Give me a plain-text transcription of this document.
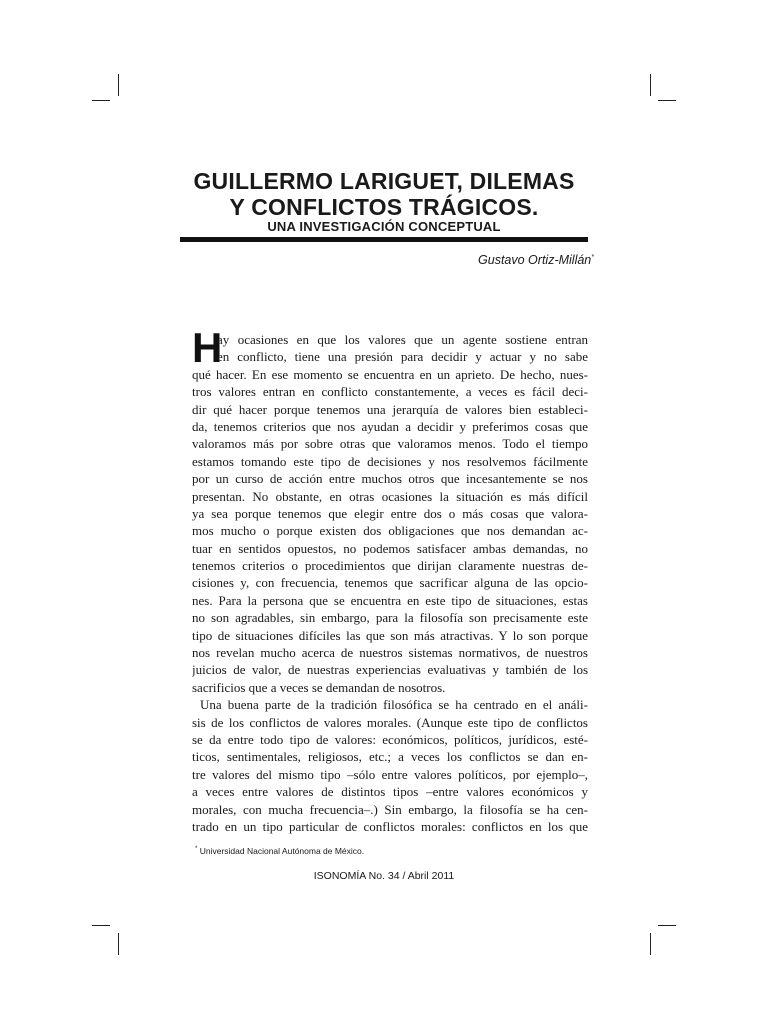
GUILLERMO LARIGUET, DILEMAS
Y CONFLICTOS TRÁGICOS.
UNA INVESTIGACIÓN CONCEPTUAL
Gustavo Ortiz-Millán*
H
ay ocasiones en que los valores que un agente sostiene entran
en conflicto, tiene una presión para decidir y actuar y no sabe
qué hacer. En ese momento se encuentra en un aprieto. De hecho, nues-
tros valores entran en conflicto constantemente, a veces es fácil deci-
dir qué hacer porque tenemos una jerarquía de valores bien estableci-
da, tenemos criterios que nos ayudan a decidir y preferimos cosas que
valoramos más por sobre otras que valoramos menos. Todo el tiempo
estamos tomando este tipo de decisiones y nos resolvemos fácilmente
por un curso de acción entre muchos otros que incesantemente se nos
presentan. No obstante, en otras ocasiones la situación es más difícil
ya sea porque tenemos que elegir entre dos o más cosas que valora-
mos mucho o porque existen dos obligaciones que nos demandan ac-
tuar en sentidos opuestos, no podemos satisfacer ambas demandas, no
tenemos criterios o procedimientos que dirijan claramente nuestras de-
cisiones y, con frecuencia, tenemos que sacrificar alguna de las opcio-
nes. Para la persona que se encuentra en este tipo de situaciones, estas
no son agradables, sin embargo, para la filosofía son precisamente este
tipo de situaciones difíciles las que son más atractivas. Y lo son porque
nos revelan mucho acerca de nuestros sistemas normativos, de nuestros
juicios de valor, de nuestras experiencias evaluativas y también de los
sacrificios que a veces se demandan de nosotros.
Una buena parte de la tradición filosófica se ha centrado en el análi-
sis de los conflictos de valores morales. (Aunque este tipo de conflictos
se da entre todo tipo de valores: económicos, políticos, jurídicos, esté-
ticos, sentimentales, religiosos, etc.; a veces los conflictos se dan en-
tre valores del mismo tipo –sólo entre valores políticos, por ejemplo–,
a veces entre valores de distintos tipos –entre valores económicos y
morales, con mucha frecuencia–.) Sin embargo, la filosofía se ha cen-
trado en un tipo particular de conflictos morales: conflictos en los que
* Universidad Nacional Autónoma de México.
ISONOMÍA No. 34 / Abril 2011
